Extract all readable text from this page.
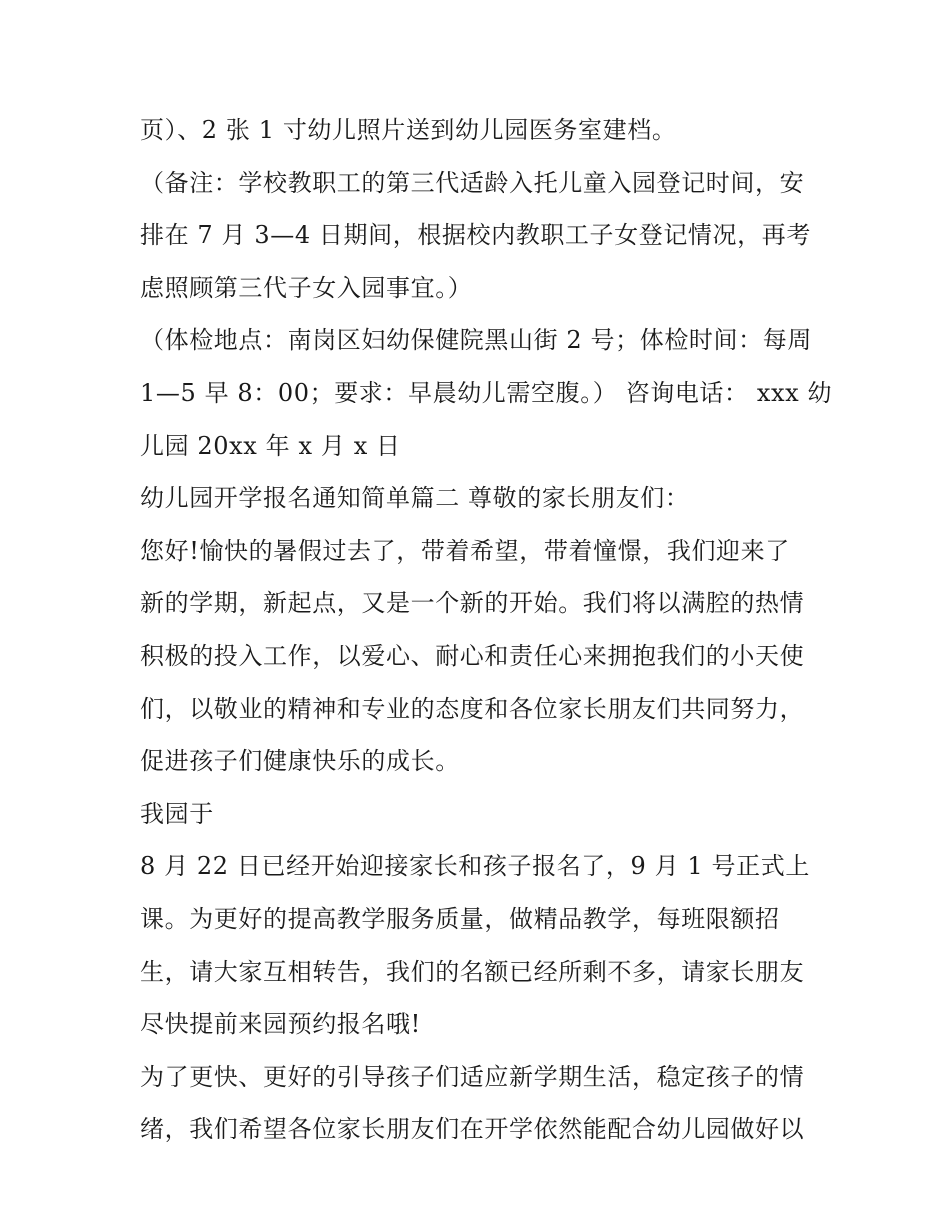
页）、2 张 1 寸幼儿照片送到幼儿园医务室建档。
（备注：学校教职工的第三代适龄入托儿童入园登记时间，安
排在 7 月 3—4 日期间，根据校内教职工子女登记情况，再考
虑照顾第三代子女入园事宜。）
（体检地点：南岗区妇幼保健院黑山街 2 号；体检时间：每周
1—5 早 8：00；要求：早晨幼儿需空腹。） 咨询电话： xxx 幼
儿园 20xx 年 x 月 x 日
幼儿园开学报名通知简单篇二 尊敬的家长朋友们：
您好!愉快的暑假过去了，带着希望，带着憧憬，我们迎来了
新的学期，新起点，又是一个新的开始。我们将以满腔的热情
积极的投入工作，以爱心、耐心和责任心来拥抱我们的小天使
们，以敬业的精神和专业的态度和各位家长朋友们共同努力，
促进孩子们健康快乐的成长。
我园于
8 月 22 日已经开始迎接家长和孩子报名了，9 月 1 号正式上
课。为更好的提高教学服务质量，做精品教学，每班限额招
生，请大家互相转告，我们的名额已经所剩不多，请家长朋友
尽快提前来园预约报名哦!
为了更快、更好的引导孩子们适应新学期生活，稳定孩子的情
绪，我们希望各位家长朋友们在开学依然能配合幼儿园做好以
